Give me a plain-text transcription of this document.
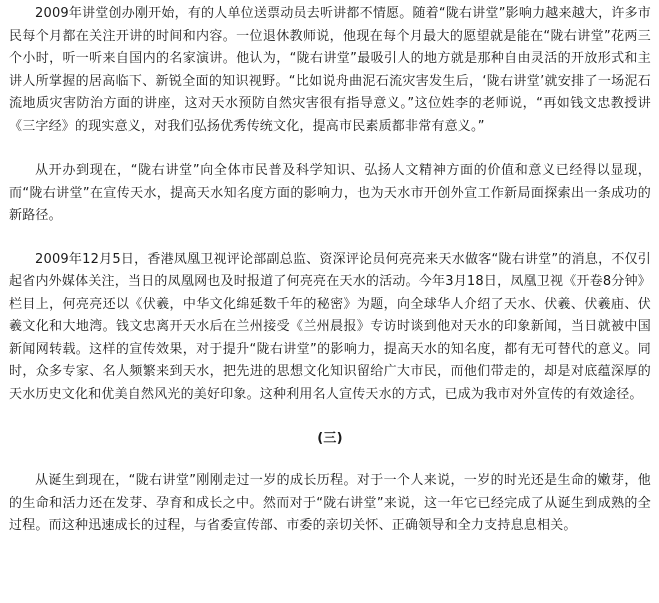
2009年讲堂创办刚开始，有的人单位送票动员去听讲都不情愿。随着“陇右讲堂”影响力越来越大，许多市民每个月都在关注开讲的时间和内容。一位退休教师说，他现在每个月最大的愿望就是能在“陇右讲堂”花两三个小时，听一听来自国内的名家演讲。他认为，“陇右讲堂”最吸引人的地方就是那种自由灵活的开放形式和主讲人所掌握的居高临下、新锐全面的知识视野。“比如说舟曲泥石流灾害发生后，‘陇右讲堂’就安排了一场泥石流地质灾害防治方面的讲座，这对天水预防自然灾害很有指导意义。”这位姓李的老师说，“再如钱文忠教授讲《三字经》的现实意义，对我们弘扬优秀传统文化，提高市民素质都非常有意义。”

从开办到现在，“陇右讲堂”向全体市民普及科学知识、弘扬人文精神方面的价值和意义已经得以显现，而“陇右讲堂”在宣传天水，提高天水知名度方面的影响力，也为天水市开创外宣工作新局面探索出一条成功的新路径。

2009年12月5日，香港凤凰卫视评论部副总监、资深评论员何亮亮来天水做客“陇右讲堂”的消息，不仅引起省内外媒体关注，当日的凤凰网也及时报道了何亮亮在天水的活动。今年3月18日，凤凰卫视《开卷8分钟》栏目上，何亮亮还以《伏羲，中华文化绵延数千年的秘密》为题，向全球华人介绍了天水、伏羲、伏羲庙、伏羲文化和大地湾。钱文忠离开天水后在兰州接受《兰州晨报》专访时谈到他对天水的印象新闻，当日就被中国新闻网转载。这样的宣传效果，对于提升“陇右讲堂”的影响力，提高天水的知名度，都有无可替代的意义。同时，众多专家、名人频繁来到天水，把先进的思想文化知识留给广大市民，而他们带走的，却是对底蕴深厚的天水历史文化和优美自然风光的美好印象。这种利用名人宣传天水的方式，已成为我市对外宣传的有效途径。

(三)

从诞生到现在，“陇右讲堂”刚刚走过一岁的成长历程。对于一个人来说，一岁的时光还是生命的嫩芽，他的生命和活力还在发芽、孕育和成长之中。然而对于“陇右讲堂”来说，这一年它已经完成了从诞生到成熟的全过程。而这种迅速成长的过程，与省委宣传部、市委的亲切关怀、正确领导和全力支持息息相关。
